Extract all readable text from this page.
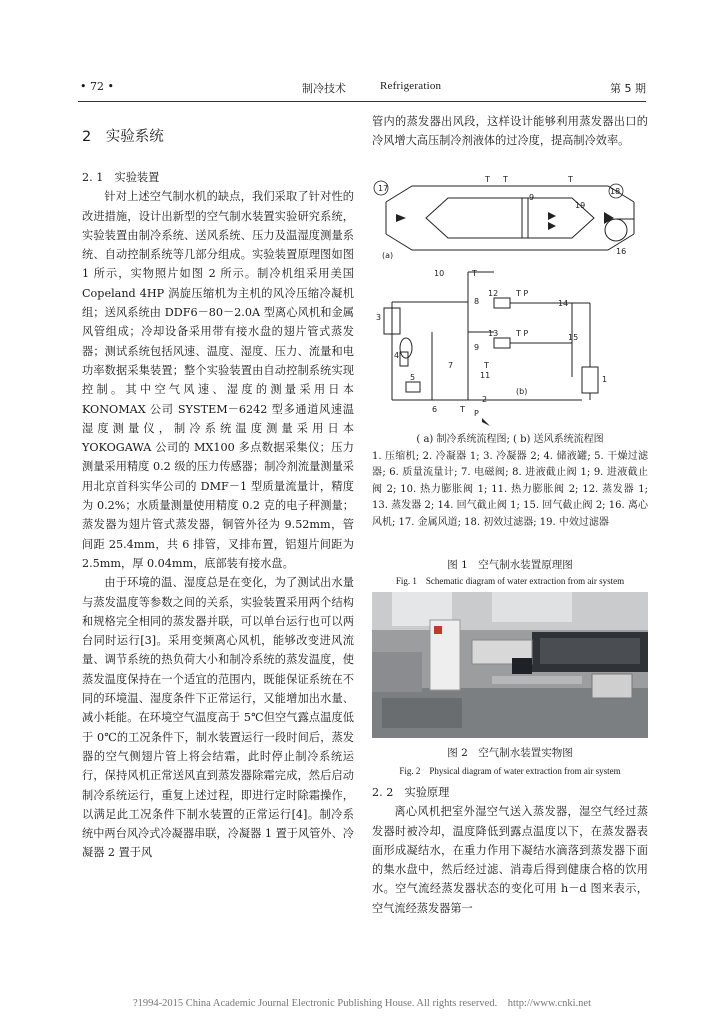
• 72 •	制冷技术	Refrigeration	第 5 期
2　实验系统
2. 1　实验装置

针对上述空气制水机的缺点，我们采取了针对性的改进措施，设计出新型的空气制水装置实验研究系统，实验装置由制冷系统、送风系统、压力及温湿度测量系统、自动控制系统等几部分组成。实验装置原理图如图 1 所示，实物照片如图 2 所示。制冷机组采用美国 Copeland 4HP 涡旋压缩机为主机的风冷压缩冷凝机组；送风系统由 DDF6－80－2.0A 型离心风机和金属风管组成；冷却设备采用带有接水盘的翅片管式蒸发器；测试系统包括风速、温度、湿度、压力、流量和电功率数据采集装置；整个实验装置由自动控制系统实现控制。其中空气风速、湿度的测量采用日本 KONOMAX 公司 SYSTEM－6242 型多通道风速温湿度测量仪，制冷系统温度测量采用日本 YOKOGAWA 公司的 MX100 多点数据采集仪；压力测量采用精度 0.2 级的压力传感器；制冷剂流量测量采用北京首科实华公司的 DMF－1 型质量流量计，精度为 0.2%；水质量测量使用精度 0.2 克的电子秤测量；蒸发器为翅片管式蒸发器，铜管外径为 9.52mm，管间距 25.4mm，共 6 排管，叉排布置，铝翅片间距为 2.5mm，厚 0.04mm，底部装有接水盘。

由于环境的温、湿度总是在变化，为了测试出水量与蒸发温度等参数之间的关系，实验装置采用两个结构和规格完全相同的蒸发器并联，可以单台运行也可以两台同时运行[3]。采用变频离心风机，能够改变进风流量、调节系统的热负荷大小和制冷系统的蒸发温度，使蒸发温度保持在一个适宜的范围内，既能保证系统在不同的环境温、湿度条件下正常运行，又能增加出水量、减小耗能。在环境空气温度高于 5℃但空气露点温度低于 0℃的工况条件下，制水装置运行一段时间后，蒸发器的空气侧翅片管上将会结霜，此时停止制冷系统运行，保持风机正常送风直到蒸发器除霜完成，然后启动制冷系统运行，重复上述过程，即进行定时除霜操作，以满足此工况条件下制水装置的正常运行[4]。制冷系统中两台风冷式冷凝器串联，冷凝器 1 置于风管外、冷凝器 2 置于风

管内的蒸发器出风段，这样设计能够利用蒸发器出口的冷风增大高压制冷剂液体的过冷度，提高制冷效率。

17
T T
9
T
18
19
16
(a)
10	T
8
12 T P
14
3
13 T P	15
4
9
T
5
7
11	1
6	T
2
(b)
P
( a) 制冷系统流程图; ( b) 送风系统流程图
1. 压缩机; 2. 冷凝器 1; 3. 冷凝器 2; 4. 储液罐; 5. 干燥过滤器; 6. 质量流量计; 7. 电磁阀; 8. 进液截止阀 1; 9. 进液截止阀 2; 10. 热力膨胀阀 1; 11. 热力膨胀阀 2; 12. 蒸发器 1; 13. 蒸发器 2; 14. 回气截止阀 1; 15. 回气截止阀 2; 16. 离心风机; 17. 金属风道; 18. 初效过滤器; 19. 中效过滤器
图 1　空气制水装置原理图
Fig. 1　Schematic diagram of water extraction from air system
图 2　空气制水装置实物图
Fig. 2　Physical diagram of water extraction from air system
2. 2　实验原理

离心风机把室外湿空气送入蒸发器，湿空气经过蒸发器时被冷却，温度降低到露点温度以下，在蒸发器表面形成凝结水，在重力作用下凝结水滴落到蒸发器下面的集水盘中，然后经过滤、消毒后得到健康合格的饮用水。空气流经蒸发器状态的变化可用 h－d 图来表示，空气流经蒸发器第一

?1994-2015 China Academic Journal Electronic Publishing House. All rights reserved.　http://www.cnki.net
